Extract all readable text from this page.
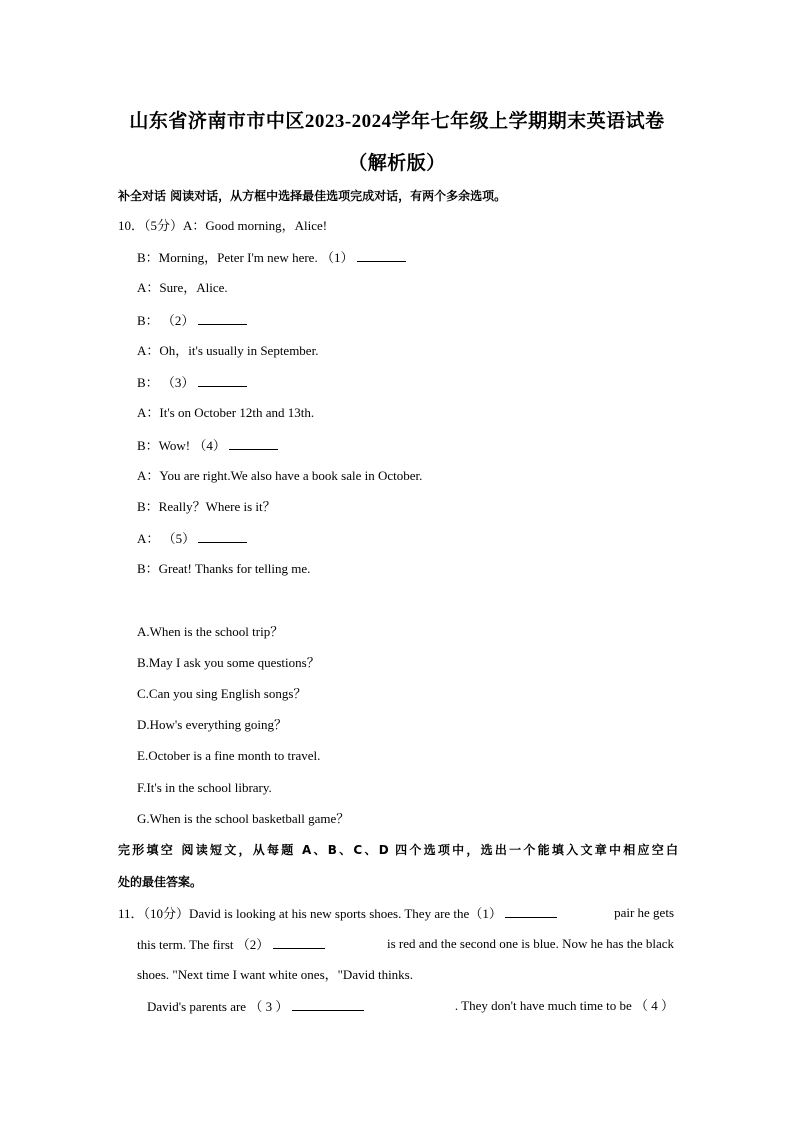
山东省济南市市中区2023-2024学年七年级上学期期末英语试卷
（解析版）
补全对话 阅读对话，从方框中选择最佳选项完成对话，有两个多余选项。
10．（5分）A：Good morning，Alice!
B：Morning，Peter I'm new here. （1）
A：Sure，Alice.
B： （2）
A：Oh，it's usually in September.
B： （3）
A：It's on October 12th and 13th.
B：Wow! （4）
A：You are right.We also have a book sale in October.
B：Really？Where is it？
A： （5）
B：Great! Thanks for telling me.
A.When is the school trip？
B.May I ask you some questions？
C.Can you sing English songs？
D.How's everything going？
E.October is a fine month to travel.
F.It's in the school library.
G.When is the school basketball game？
完形填空 阅读短文，从每题 A、B、C、D 四个选项中，选出一个能填入文章中相应空白
处的最佳答案。
11．（10分）David is looking at his new sports shoes. They are the（1）	pair he gets
this term. The first （2）	is red and the second one is blue. Now he has the black
shoes. "Next time I want white ones，"David thinks.
David's parents are （ 3 ）	. They don't have much time to be （ 4 ）
